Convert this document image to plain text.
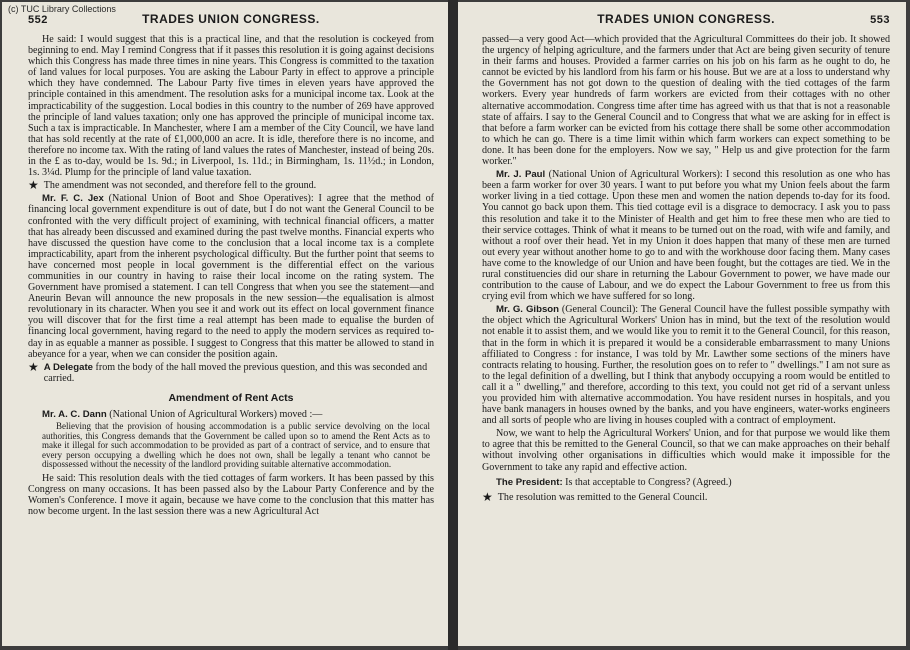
(c) TUC Library Collections
552	TRADES UNION CONGRESS.

He said: I would suggest that this is a practical line, and that the resolution is cockeyed from beginning to end. May I remind Congress that if it passes this resolution it is going against decisions which this Congress has made three times in nine years. This Congress is committed to the taxation of land values for local purposes. You are asking the Labour Party in effect to approve a principle which they have condemned. The Labour Party five times in eleven years have approved the principle contained in this amendment. The resolution asks for a municipal income tax. Look at the impracticability of the suggestion. Local bodies in this country to the number of 269 have approved the principle of land values taxation; only one has approved the principle of municipal income tax. Such a tax is impracticable. In Manchester, where I am a member of the City Council, we have land that has sold recently at the rate of £1,000,000 an acre. It is idle, therefore there is no income, and therefore no income tax. With the rating of land values the rates of Manchester, instead of being 20s. in the £ as to-day, would be 1s. 9d.; in Liverpool, 1s. 11d.; in Birmingham, 1s. 11½d.; in London, 1s. 3¼d. Plump for the principle of land value taxation.

★ The amendment was not seconded, and therefore fell to the ground.

Mr. F. C. Jex (National Union of Boot and Shoe Operatives): I agree that the method of financing local government expenditure is out of date, but I do not want the General Council to be confronted with the very difficult project of examining, with technical financial officers, a matter that has already been discussed and examined during the past twelve months. Financial experts who have discussed the question have come to the conclusion that a local income tax is a complete impracticability, apart from the inherent psychological difficulty. But the further point that seems to have concerned most people in local government is the differential effect on the various communities in our country in having to raise their local income on the rating system. The Government have promised a statement. I can tell Congress that when you see the statement—and Aneurin Bevan will announce the new proposals in the new session—the equalisation is almost revolutionary in its character. When you see it and work out its effect on local government finance you will discover that for the first time a real attempt has been made to equalise the burden of financing local government, having regard to the need to apply the modern services as required to-day in as equable a manner as possible. I suggest to Congress that this matter be allowed to stand in abeyance for a year, when we can consider the position again.

★ A Delegate from the body of the hall moved the previous question, and this was seconded and carried.
Amendment of Rent Acts

Mr. A. C. Dann (National Union of Agricultural Workers) moved :—

Believing that the provision of housing accommodation is a public service devolving on the local authorities, this Congress demands that the Government be called upon so to amend the Rent Acts as to make it illegal for such accommodation to be provided as part of a contract of service, and to ensure that every person occupying a dwelling which he does not own, shall be legally a tenant who cannot be dispossessed without the necessity of the landlord providing suitable alternative accommodation.

He said: This resolution deals with the tied cottages of farm workers. It has been passed by this Congress on many occasions. It has been passed also by the Labour Party Conference and by the Women's Conference. I move it again, because we have come to the conclusion that this matter has now become urgent. In the last session there was a new Agricultural Act

TRADES UNION CONGRESS.	553

passed—a very good Act—which provided that the Agricultural Committees do their job. It showed the urgency of helping agriculture, and the farmers under that Act are being given security of tenure in their farms and houses. Provided a farmer carries on his job on his farm as he ought to do, he cannot be evicted by his landlord from his farm or his house. But we are at a loss to understand why the Government has not got down to the question of dealing with the tied cottages of the farm workers. Every year hundreds of farm workers are evicted from their cottages with no other alternative accommodation. Congress time after time has agreed with us that that is not a reasonable state of affairs. I say to the General Council and to Congress that what we are asking for in effect is that before a farm worker can be evicted from his cottage there shall be some other accommodation to which he can go. There is a time limit within which farm workers can expect something to be done. It has been done for the employers. Now we say, " Help us and give protection for the farm worker."

Mr. J. Paul (National Union of Agricultural Workers): I second this resolution as one who has been a farm worker for over 30 years. I want to put before you what my Union feels about the farm worker living in a tied cottage. Upon these men and women the nation depends to-day for its food. You cannot go back upon them. This tied cottage evil is a disgrace to democracy. I ask you to pass this resolution and take it to the Minister of Health and get him to free these men who are tied to their service cottages. Think of what it means to be turned out on the road, with wife and family, and without a roof over their head. Yet in my Union it does happen that many of these men are turned out every year without another home to go to and with the workhouse door facing them. Many cases have come to the knowledge of our Union and have been fought, but the cottages are tied. We in the rural constituencies did our share in returning the Labour Government to power, we have made our contribution to the cause of Labour, and we do expect the Labour Government to free us from this crying evil from which we have suffered for so long.

Mr. G. Gibson (General Council): The General Council have the fullest possible sympathy with the object which the Agricultural Workers' Union has in mind, but the text of the resolution would not enable it to assist them, and we would like you to remit it to the General Council, for this reason, that in the form in which it is prepared it would be a considerable embarrassment to many Unions affiliated to Congress : for instance, I was told by Mr. Lawther some sections of the miners have contracts relating to housing. Further, the resolution goes on to refer to " dwellings." I am not sure as to the legal definition of a dwelling, but I think that anybody occupying a room would be entitled to call it a " dwelling," and therefore, according to this text, you could not get rid of a servant unless you provided him with alternative accommodation. You have resident nurses in hospitals, and you have bank managers in houses owned by the banks, and you have engineers, water-works engineers and all sorts of people who are living in houses coupled with a contract of employment.

Now, we want to help the Agricultural Workers' Union, and for that purpose we would like them to agree that this be remitted to the General Council, so that we can make approaches on their behalf without involving other organisations in difficulties which would make it impossible for the Government to take any rapid and effective action.

The President: Is that acceptable to Congress? (Agreed.)

★ The resolution was remitted to the General Council.
